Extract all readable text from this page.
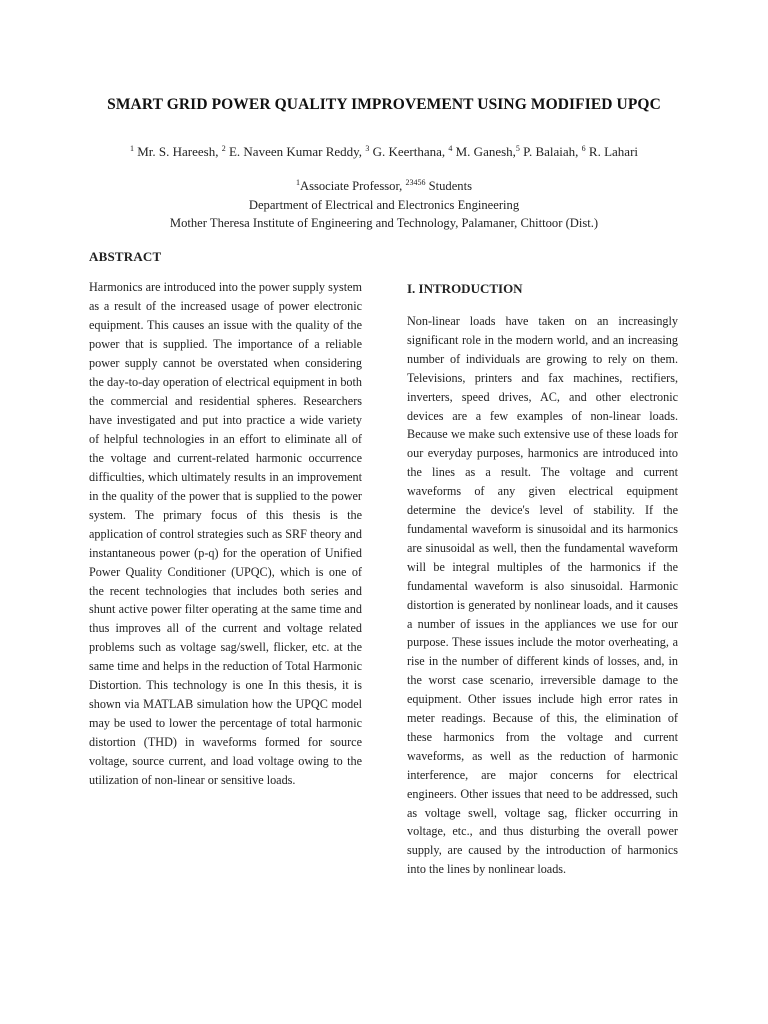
SMART GRID POWER QUALITY IMPROVEMENT USING MODIFIED UPQC
$^1$ Mr. S. Hareesh, $^2$ E. Naveen Kumar Reddy, $^3$ G. Keerthana, $^4$ M. Ganesh,$^5$ P. Balaiah, $^6$ R. Lahari
$^1$Associate Professor, $^{23456}$ Students
Department of Electrical and Electronics Engineering
Mother Theresa Institute of Engineering and Technology, Palamaner, Chittoor (Dist.)
ABSTRACT

Harmonics are introduced into the power supply system as a result of the increased usage of power electronic equipment. This causes an issue with the quality of the power that is supplied. The importance of a reliable power supply cannot be overstated when considering the day-to-day operation of electrical equipment in both the commercial and residential spheres. Researchers have investigated and put into practice a wide variety of helpful technologies in an effort to eliminate all of the voltage and current-related harmonic occurrence difficulties, which ultimately results in an improvement in the quality of the power that is supplied to the power system. The primary focus of this thesis is the application of control strategies such as SRF theory and instantaneous power (p-q) for the operation of Unified Power Quality Conditioner (UPQC), which is one of the recent technologies that includes both series and shunt active power filter operating at the same time and thus improves all of the current and voltage related problems such as voltage sag/swell, flicker, etc. at the same time and helps in the reduction of Total Harmonic Distortion. This technology is one In this thesis, it is shown via MATLAB simulation how the UPQC model may be used to lower the percentage of total harmonic distortion (THD) in waveforms formed for source voltage, source current, and load voltage owing to the utilization of non-linear or sensitive loads.

I. INTRODUCTION

Non-linear loads have taken on an increasingly significant role in the modern world, and an increasing number of individuals are growing to rely on them. Televisions, printers and fax machines, rectifiers, inverters, speed drives, AC, and other electronic devices are a few examples of non-linear loads. Because we make such extensive use of these loads for our everyday purposes, harmonics are introduced into the lines as a result. The voltage and current waveforms of any given electrical equipment determine the device's level of stability. If the fundamental waveform is sinusoidal and its harmonics are sinusoidal as well, then the fundamental waveform will be integral multiples of the harmonics if the fundamental waveform is also sinusoidal. Harmonic distortion is generated by nonlinear loads, and it causes a number of issues in the appliances we use for our purpose. These issues include the motor overheating, a rise in the number of different kinds of losses, and, in the worst case scenario, irreversible damage to the equipment. Other issues include high error rates in meter readings. Because of this, the elimination of these harmonics from the voltage and current waveforms, as well as the reduction of harmonic interference, are major concerns for electrical engineers. Other issues that need to be addressed, such as voltage swell, voltage sag, flicker occurring in voltage, etc., and thus disturbing the overall power supply, are caused by the introduction of harmonics into the lines by nonlinear loads.
